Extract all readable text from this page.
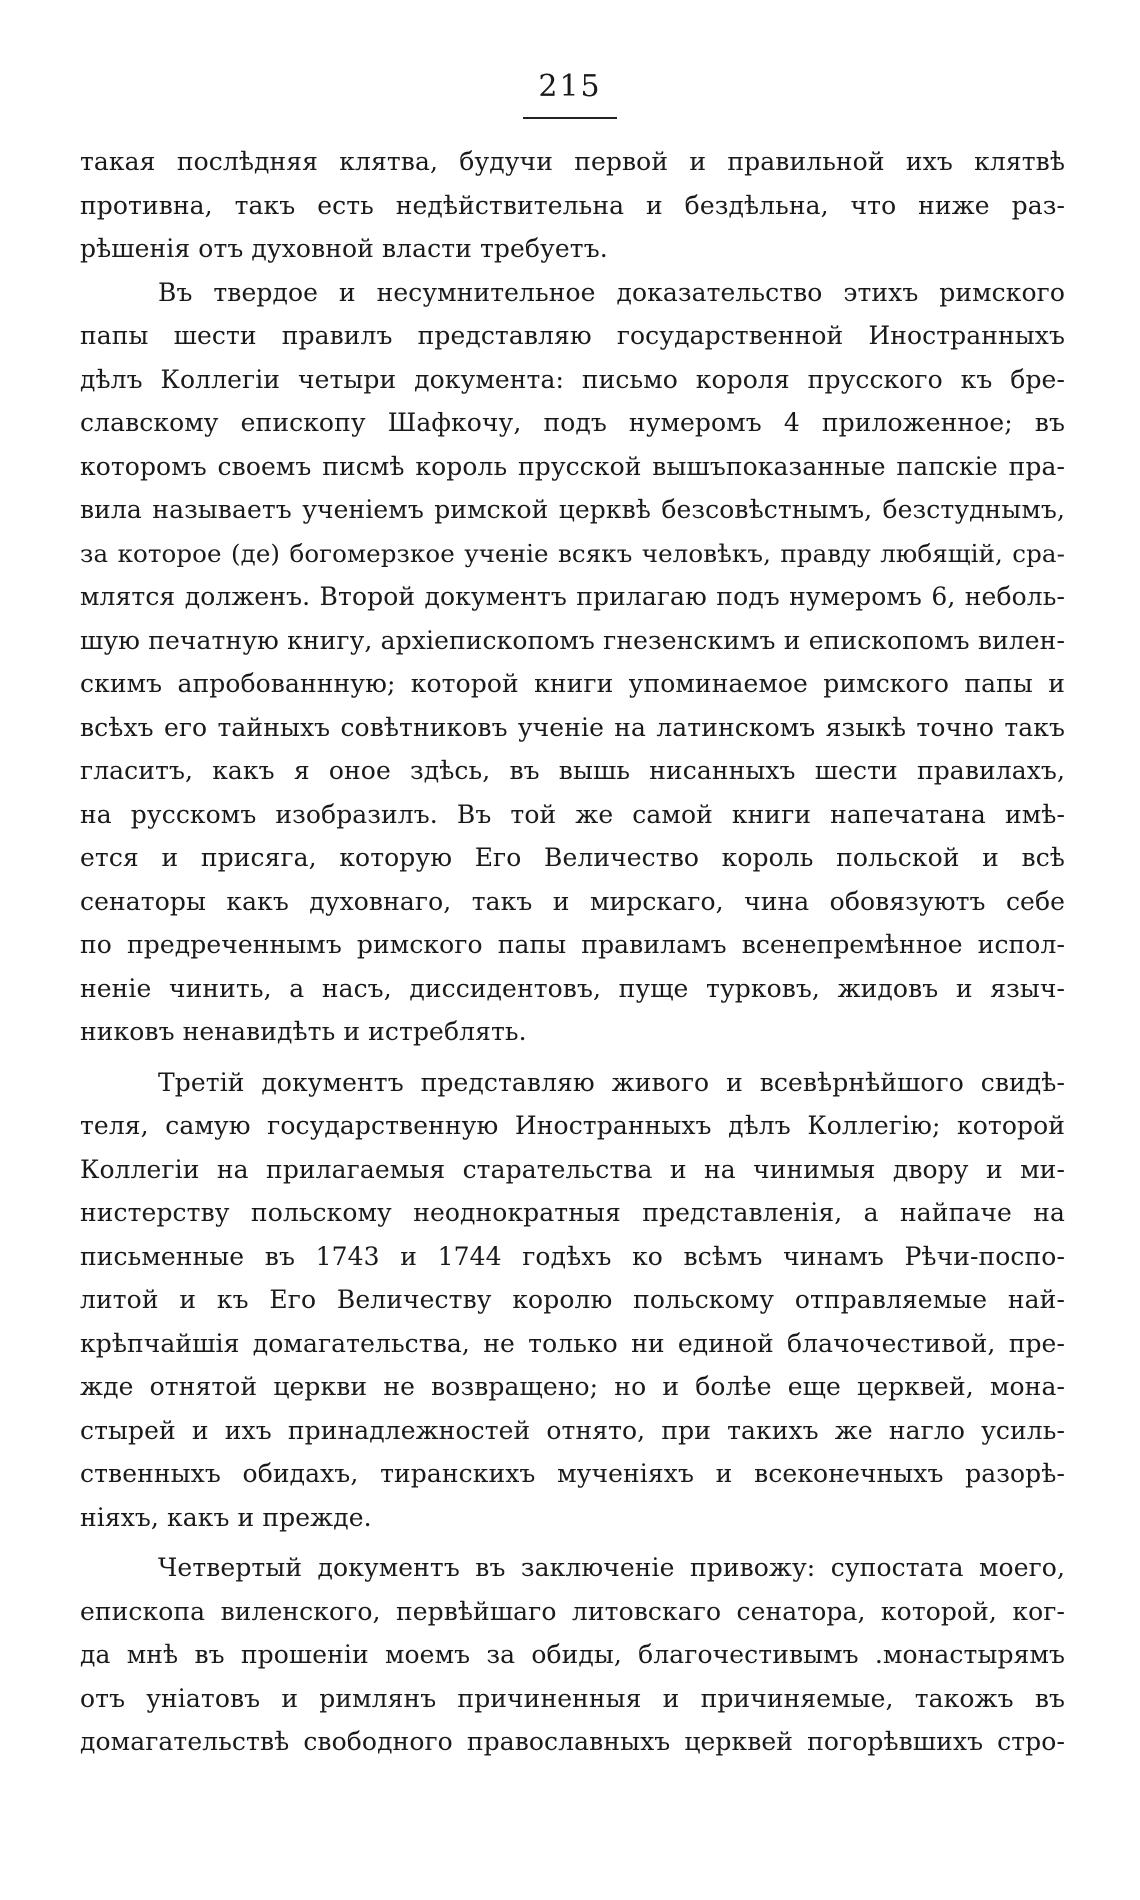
215
такая послѣдняя клятва, будучи первой и правильной ихъ клятвѣ
противна, такъ есть недѣйствительна и бездѣльна, что ниже раз-
рѣшенія отъ духовной власти требуетъ.
Въ твердое и несумнительное доказательство этихъ римского
папы шести правилъ представляю государственной Иностранныхъ
дѣлъ Коллегіи четыри документа: письмо короля прусского къ бре-
славскому епископу Шафкочу, подъ нумеромъ 4 приложенное; въ
которомъ своемъ писмѣ король прусской вышъпоказанные папскіе пра-
вила называетъ ученіемъ римской церквѣ безсовѣстнымъ, безстуднымъ,
за которое (де) богомерзкое ученіе всякъ человѣкъ, правду любящій, сра-
млятся долженъ. Второй документъ прилагаю подъ нумеромъ 6, неболь-
шую печатную книгу, архіепископомъ гнезенскимъ и епископомъ вилен-
скимъ апробованнную; которой книги упоминаемое римского папы и
всѣхъ его тайныхъ совѣтниковъ ученіе на латинскомъ языкѣ точно такъ
гласитъ, какъ я оное здѣсь, въ вышь нисанныхъ шести правилахъ,
на русскомъ изобразилъ. Въ той же самой книги напечатана имѣ-
ется и присяга, которую Его Величество король польской и всѣ
сенаторы какъ духовнаго, такъ и мирскаго, чина обовязуютъ себе
по предреченнымъ римского папы правиламъ всенепремѣнное испол-
неніе чинить, а насъ, диссидентовъ, пуще турковъ, жидовъ и языч-
никовъ ненавидѣть и истреблять.
Третій документъ представляю живого и всевѣрнѣйшого свидѣ-
теля, самую государственную Иностранныхъ дѣлъ Коллегію; которой
Коллегіи на прилагаемыя старательства и на чинимыя двору и ми-
нистерству польскому неоднократныя представленія, а найпаче на
письменные въ 1743 и 1744 годѣхъ ко всѣмъ чинамъ Рѣчи-поспо-
литой и къ Его Величеству королю польскому отправляемые най-
крѣпчайшія домагательства, не только ни единой блачочестивой, пре-
жде отнятой церкви не возвращено; но и болѣе еще церквей, мона-
стырей и ихъ принадлежностей отнято, при такихъ же нагло усиль-
ственныхъ обидахъ, тиранскихъ мученіяхъ и всеконечныхъ разорѣ-
ніяхъ, какъ и прежде.
Четвертый документъ въ заключеніе привожу: супостата моего,
епископа виленского, первѣйшаго литовскаго сенатора, которой, ког-
да мнѣ въ прошеніи моемъ за обиды, благочестивымъ .монастырямъ
отъ уніатовъ и римлянъ причиненныя и причиняемые, такожъ въ
домагательствѣ свободного православныхъ церквей погорѣвшихъ стро-
